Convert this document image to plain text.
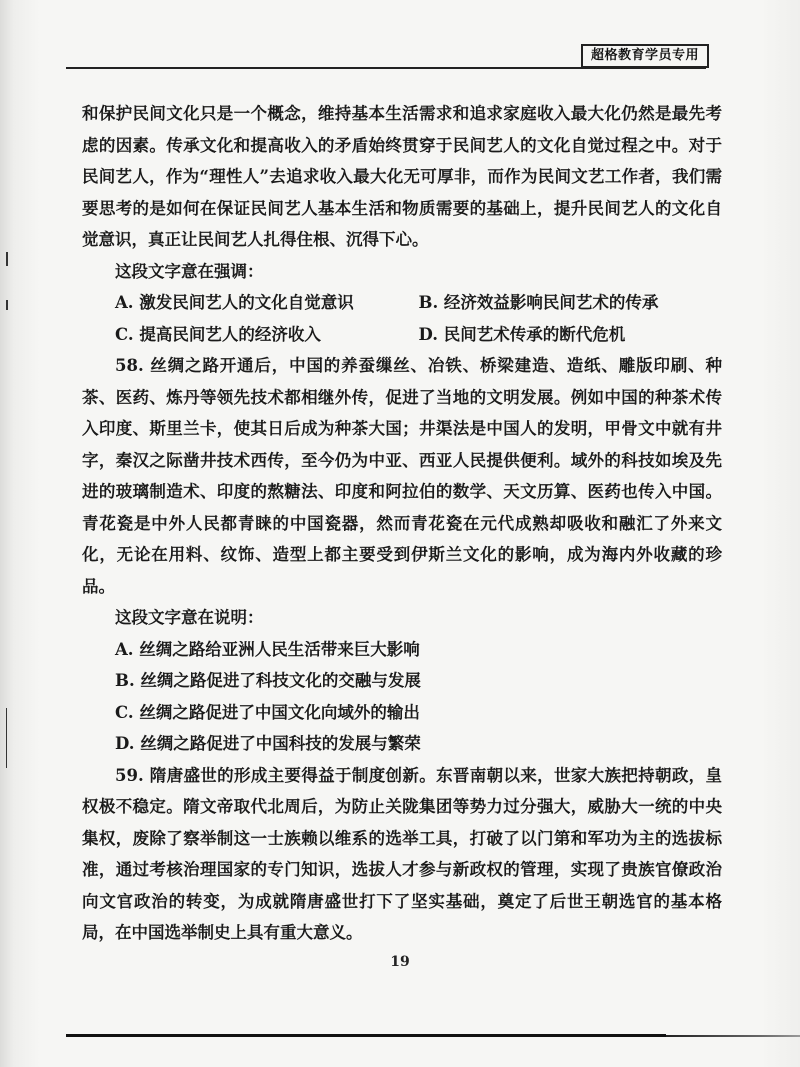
超格教育学员专用

和保护民间文化只是一个概念，维持基本生活需求和追求家庭收入最大化仍然是最先考虑的因素。传承文化和提高收入的矛盾始终贯穿于民间艺人的文化自觉过程之中。对于民间艺人，作为“理性人”去追求收入最大化无可厚非，而作为民间文艺工作者，我们需要思考的是如何在保证民间艺人基本生活和物质需要的基础上，提升民间艺人的文化自觉意识，真正让民间艺人扎得住根、沉得下心。

这段文字意在强调：

A. 激发民间艺人的文化自觉意识	B. 经济效益影响民间艺术的传承
C. 提高民间艺人的经济收入	D. 民间艺术传承的断代危机

58. 丝绸之路开通后，中国的养蚕缫丝、冶铁、桥梁建造、造纸、雕版印刷、种茶、医药、炼丹等领先技术都相继外传，促进了当地的文明发展。例如中国的种茶术传入印度、斯里兰卡，使其日后成为种茶大国；井渠法是中国人的发明，甲骨文中就有井字，秦汉之际凿井技术西传，至今仍为中亚、西亚人民提供便利。域外的科技如埃及先进的玻璃制造术、印度的熬糖法、印度和阿拉伯的数学、天文历算、医药也传入中国。青花瓷是中外人民都青睐的中国瓷器，然而青花瓷在元代成熟却吸收和融汇了外来文化，无论在用料、纹饰、造型上都主要受到伊斯兰文化的影响，成为海内外收藏的珍品。

这段文字意在说明：

A. 丝绸之路给亚洲人民生活带来巨大影响
B. 丝绸之路促进了科技文化的交融与发展
C. 丝绸之路促进了中国文化向域外的输出
D. 丝绸之路促进了中国科技的发展与繁荣

59. 隋唐盛世的形成主要得益于制度创新。东晋南朝以来，世家大族把持朝政，皇权极不稳定。隋文帝取代北周后，为防止关陇集团等势力过分强大，威胁大一统的中央集权，废除了察举制这一士族赖以维系的选举工具，打破了以门第和军功为主的选拔标准，通过考核治理国家的专门知识，选拔人才参与新政权的管理，实现了贵族官僚政治向文官政治的转变，为成就隋唐盛世打下了坚实基础，奠定了后世王朝选官的基本格局，在中国选举制史上具有重大意义。

19
